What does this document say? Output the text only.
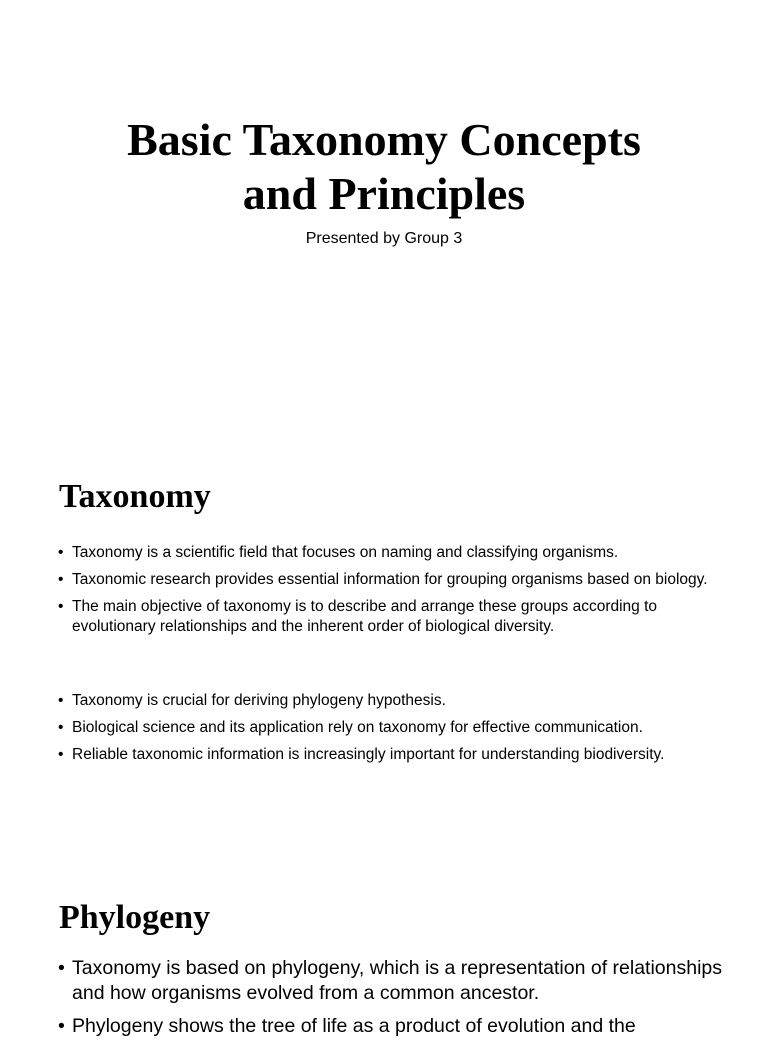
Basic Taxonomy Concepts
and Principles
Presented by Group 3
Taxonomy
• Taxonomy is a scientific field that focuses on naming and classifying organisms.
• Taxonomic research provides essential information for grouping organisms based on biology.
• The main objective of taxonomy is to describe and arrange these groups according to evolutionary relationships and the inherent order of biological diversity.
• Taxonomy is crucial for deriving phylogeny hypothesis.
• Biological science and its application rely on taxonomy for effective communication.
• Reliable taxonomic information is increasingly important for understanding biodiversity.
Phylogeny
• Taxonomy is based on phylogeny, which is a representation of relationships and how organisms evolved from a common ancestor.
• Phylogeny shows the tree of life as a product of evolution and the
